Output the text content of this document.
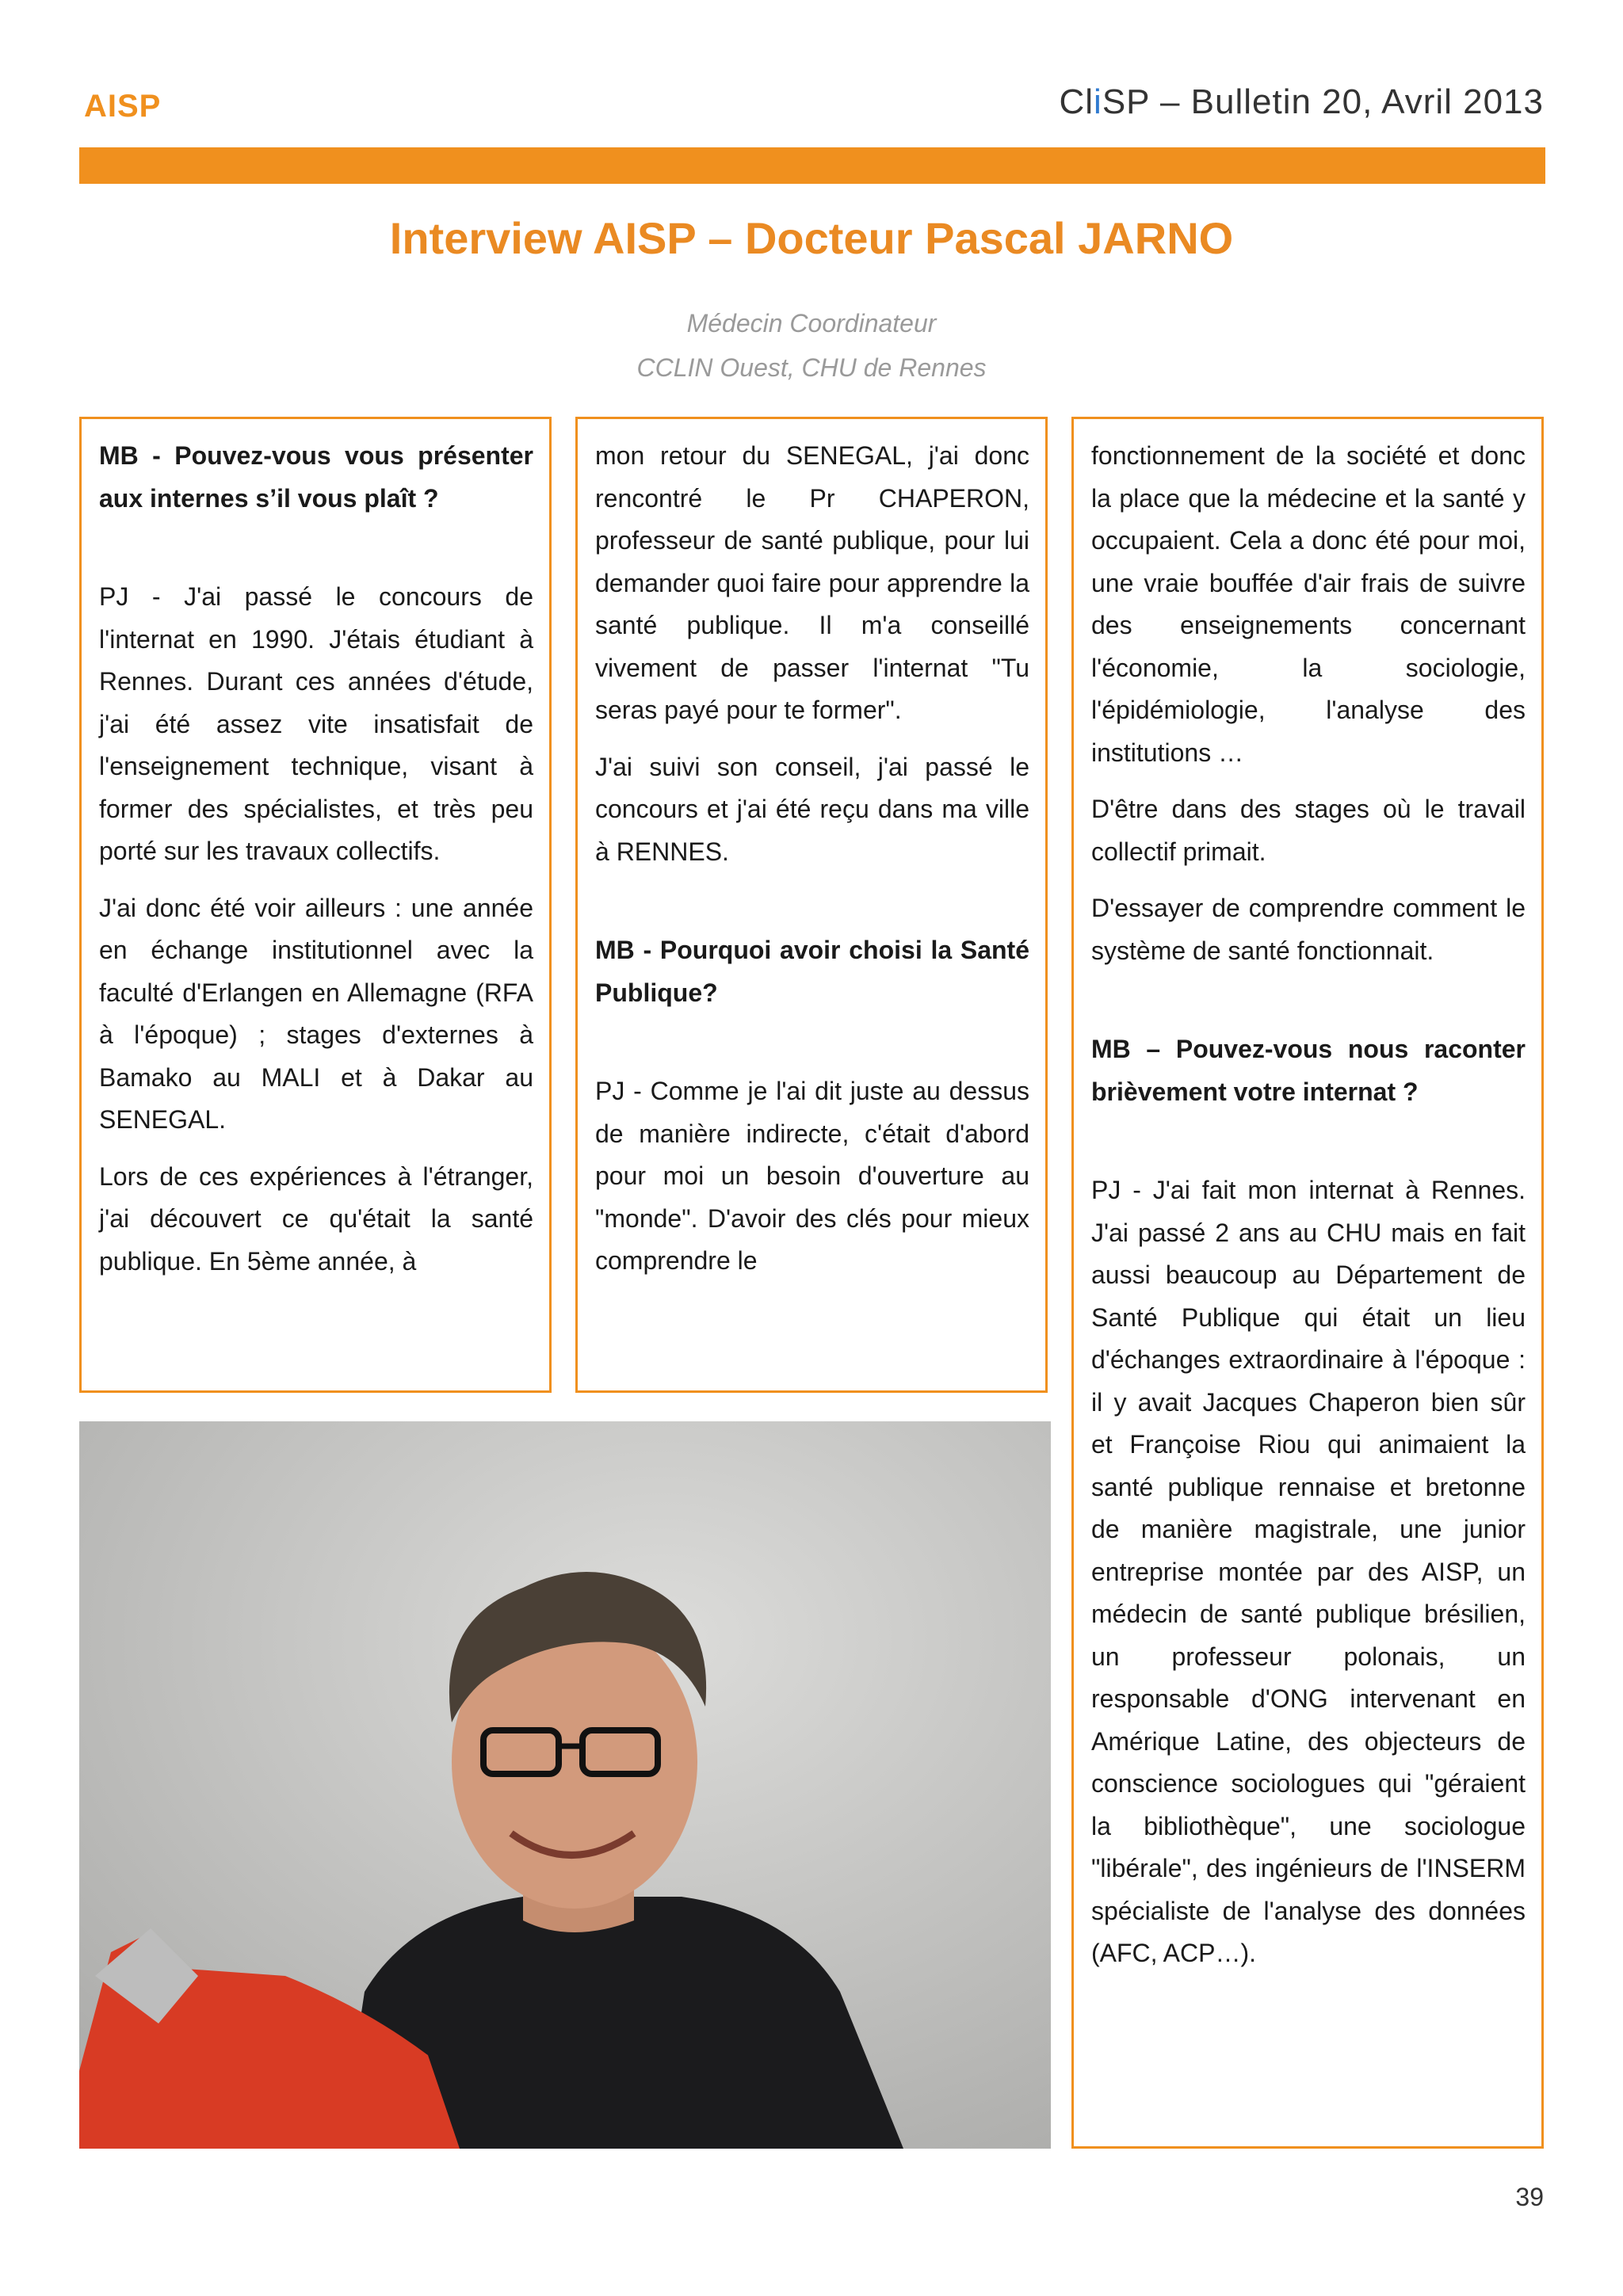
AISP	CliSP – Bulletin 20, Avril 2013
Interview AISP – Docteur Pascal JARNO
Médecin Coordinateur
CCLIN Ouest, CHU de Rennes

MB - Pouvez-vous vous présenter aux internes s’il vous plaît ?

PJ - J'ai passé le concours de l'internat en 1990. J'étais étudiant à Rennes. Durant ces années d'étude, j'ai été assez vite insatisfait de l'enseignement technique, visant à former des spécialistes, et très peu porté sur les travaux collectifs.

J'ai donc été voir ailleurs : une année en échange institutionnel avec la faculté d'Erlangen en Allemagne (RFA à l'époque) ; stages d'externes à Bamako au MALI et à Dakar au SENEGAL.

Lors de ces expériences à l'étranger, j'ai découvert ce qu'était la santé publique. En 5ème année, à

mon retour du SENEGAL, j'ai donc rencontré le Pr CHAPERON, professeur de santé publique, pour lui demander quoi faire pour apprendre la santé publique. Il m'a conseillé vivement de passer l'internat "Tu seras payé pour te former".

J'ai suivi son conseil, j'ai passé le concours et j'ai été reçu dans ma ville à RENNES.

MB - Pourquoi avoir choisi la Santé Publique?

PJ - Comme je l'ai dit juste au dessus de manière indirecte, c'était d'abord pour moi un besoin d'ouverture au "monde". D'avoir des clés pour mieux comprendre le

fonctionnement de la société et donc la place que la médecine et la santé y occupaient. Cela a donc été pour moi, une vraie bouffée d'air frais de suivre des enseignements concernant l'économie, la sociologie, l'épidémiologie, l'analyse des institutions …

D'être dans des stages où le travail collectif primait.

D'essayer de comprendre comment le système de santé fonctionnait.

MB – Pouvez-vous nous raconter brièvement votre internat ?

PJ - J'ai fait mon internat à Rennes. J'ai passé 2 ans au CHU mais en fait aussi beaucoup au Département de Santé Publique qui était un lieu d'échanges extraordinaire à l'époque : il y avait Jacques Chaperon bien sûr et Françoise Riou qui animaient la santé publique rennaise et bretonne de manière magistrale, une junior entreprise montée par des AISP, un médecin de santé publique brésilien, un professeur polonais, un responsable d'ONG intervenant en Amérique Latine, des objecteurs de conscience sociologues qui "géraient la bibliothèque", une sociologue "libérale", des ingénieurs de l'INSERM spécialiste de l'analyse des données (AFC, ACP…).

39
